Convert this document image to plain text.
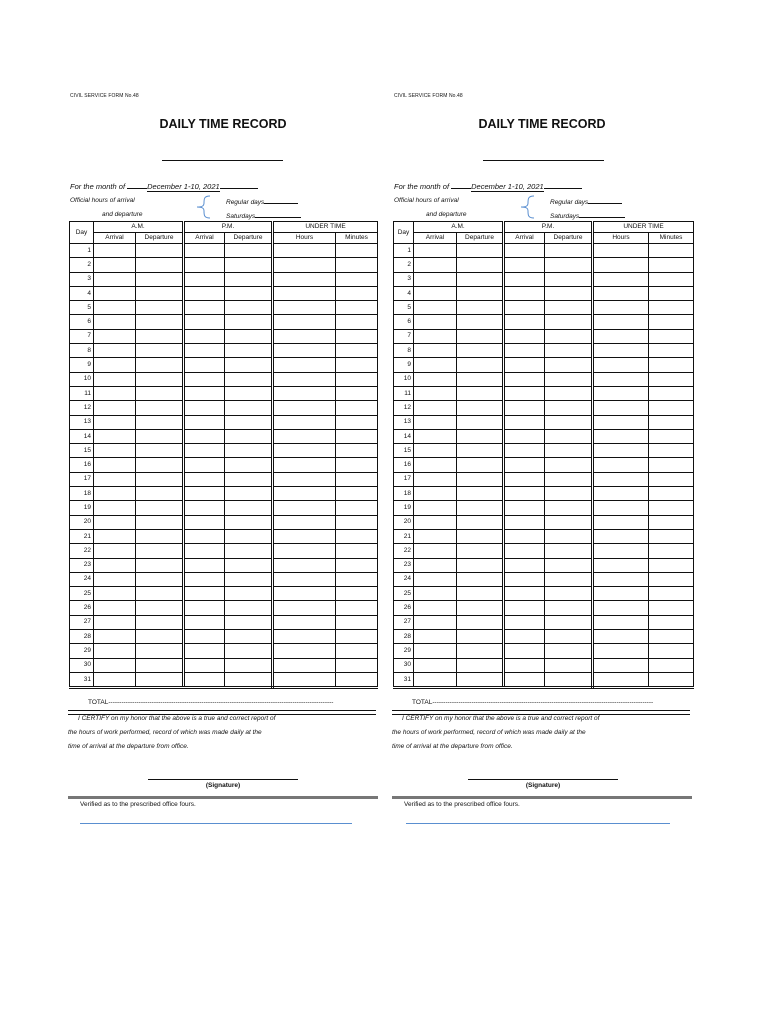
CIVIL SERVICE FORM No.48
DAILY TIME RECORD
For the month of	December 1-10, 2021
Official hours of arrival
and departure
Regular days
Saturdays
Day	A.M.		P.M.		UNDER TIME	
	Arrival	Departure	Arrival	Departure	Hours	Minutes
1						
2						
3						
4						
5						
6						
7						
8						
9						
10						
11						
12						
13						
14						
15						
16						
17						
18						
19						
20						
21						
22						
23						
24						
25						
26						
27						
28						
29						
30						
31						
TOTAL--------------------------------------------------------------------------------------------------------
I CERTIFY on my honor that the above is a true and correct report of
the hours of work performed, record of which was made daily at the
time of arrival at the departure from office.
(Signature)
Verified as to the prescribed office fours.
CIVIL SERVICE FORM No.48
DAILY TIME RECORD
For the month of	December 1-10, 2021
Official hours of arrival
and departure
Regular days
Saturdays
Day	A.M.		P.M.		UNDER TIME	
	Arrival	Departure	Arrival	Departure	Hours	Minutes
1						
2						
3						
4						
5						
6						
7						
8						
9						
10						
11						
12						
13						
14						
15						
16						
17						
18						
19						
20						
21						
22						
23						
24						
25						
26						
27						
28						
29						
30						
31						
TOTAL------------------------------------------------------------------------------------------------------
I CERTIFY on my honor that the above is a true and correct report of
the hours of work performed, record of which was made daily at the
time of arrival at the departure from office.
(Signature)
Verified as to the prescribed office fours.
